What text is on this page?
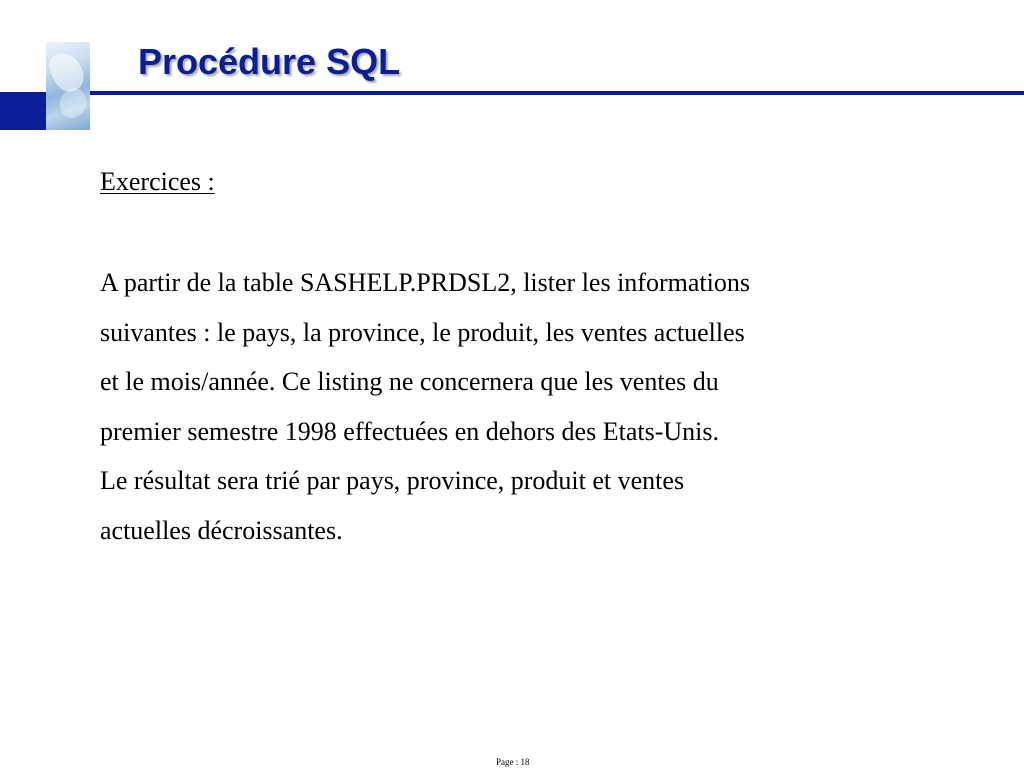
Procédure SQL

Exercices :

A partir de la table SASHELP.PRDSL2, lister les informations
suivantes : le pays, la province, le produit, les ventes actuelles
et le mois/année. Ce listing ne concernera que les ventes du
premier semestre 1998 effectuées en dehors des Etats-Unis.
Le résultat sera trié par pays, province, produit et ventes
actuelles décroissantes.
Page : 18
